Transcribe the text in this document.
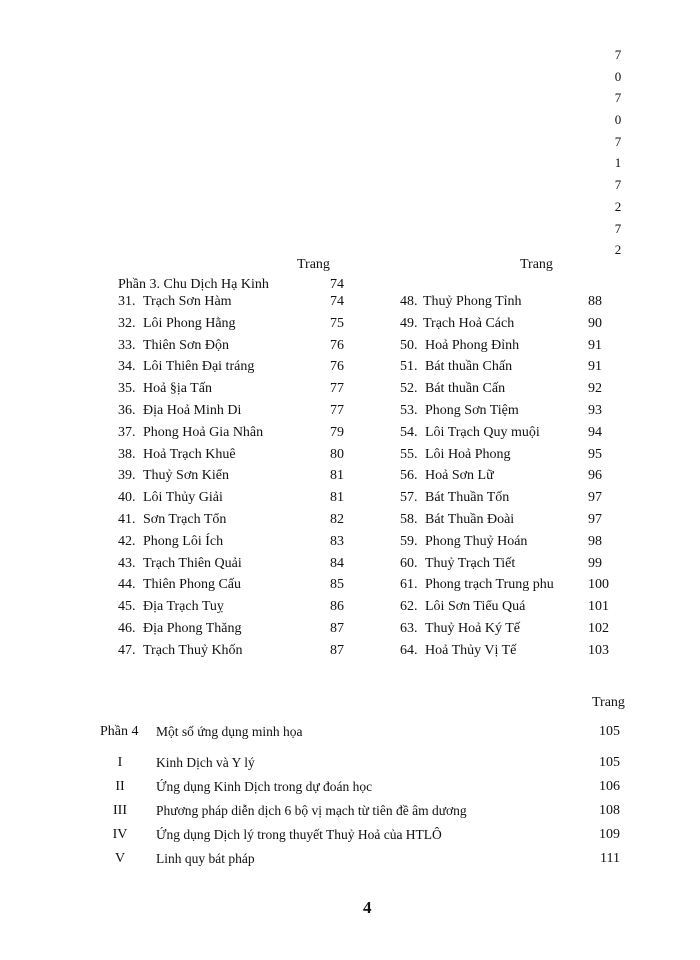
7
0
7
0
7
1
7
2
7
2
Trang	Trang
Phần 3. Chu Dịch Hạ Kinh	74
31. Trạch Sơn Hàm	74
32. Lôi Phong Hằng	75
33. Thiên Sơn Độn	76
34. Lôi Thiên Đại tráng	76
35. Hoả §ịa Tấn	77
36. Địa Hoả Minh Di	77
37. Phong Hoả Gia Nhân	79
38. Hoả Trạch Khuê	80
39. Thuỷ Sơn Kiển	81
40. Lôi Thủy Giải	81
41. Sơn Trạch Tổn	82
42. Phong Lôi Ích	83
43. Trạch Thiên Quải	84
44. Thiên Phong Cấu	85
45. Địa Trạch Tuỵ	86
46. Địa Phong Thăng	87
47. Trạch Thuỷ Khốn	87
48. Thuỷ Phong Tỉnh	88
49. Trạch Hoả Cách	90
50. Hoả Phong Đỉnh	91
51. Bát thuần Chấn	91
52. Bát thuần Cấn	92
53. Phong Sơn Tiệm	93
54. Lôi Trạch Quy muội	94
55. Lôi Hoả Phong	95
56. Hoả Sơn Lữ	96
57. Bát Thuần Tốn	97
58. Bát Thuần Đoài	97
59. Phong Thuỷ Hoán	98
60. Thuỷ Trạch Tiết	99
61. Phong trạch Trung phu 100
62. Lôi Sơn Tiểu Quá	101
63. Thuỷ Hoả Ký Tế	102
64. Hoả Thủy Vị Tế	103
Trang
Phần 4 Một số ứng dụng minh họa	105
I	Kinh Dịch và Y lý	105
II	Ứng dụng Kinh Dịch trong dự đoán học	106
III	Phương pháp diễn dịch 6 bộ vị mạch từ tiên đề âm dương	108
IV	Ứng dụng Dịch lý trong thuyết Thuỷ Hoả của HTLÔ	109
V	Linh quy bát pháp	111
4
